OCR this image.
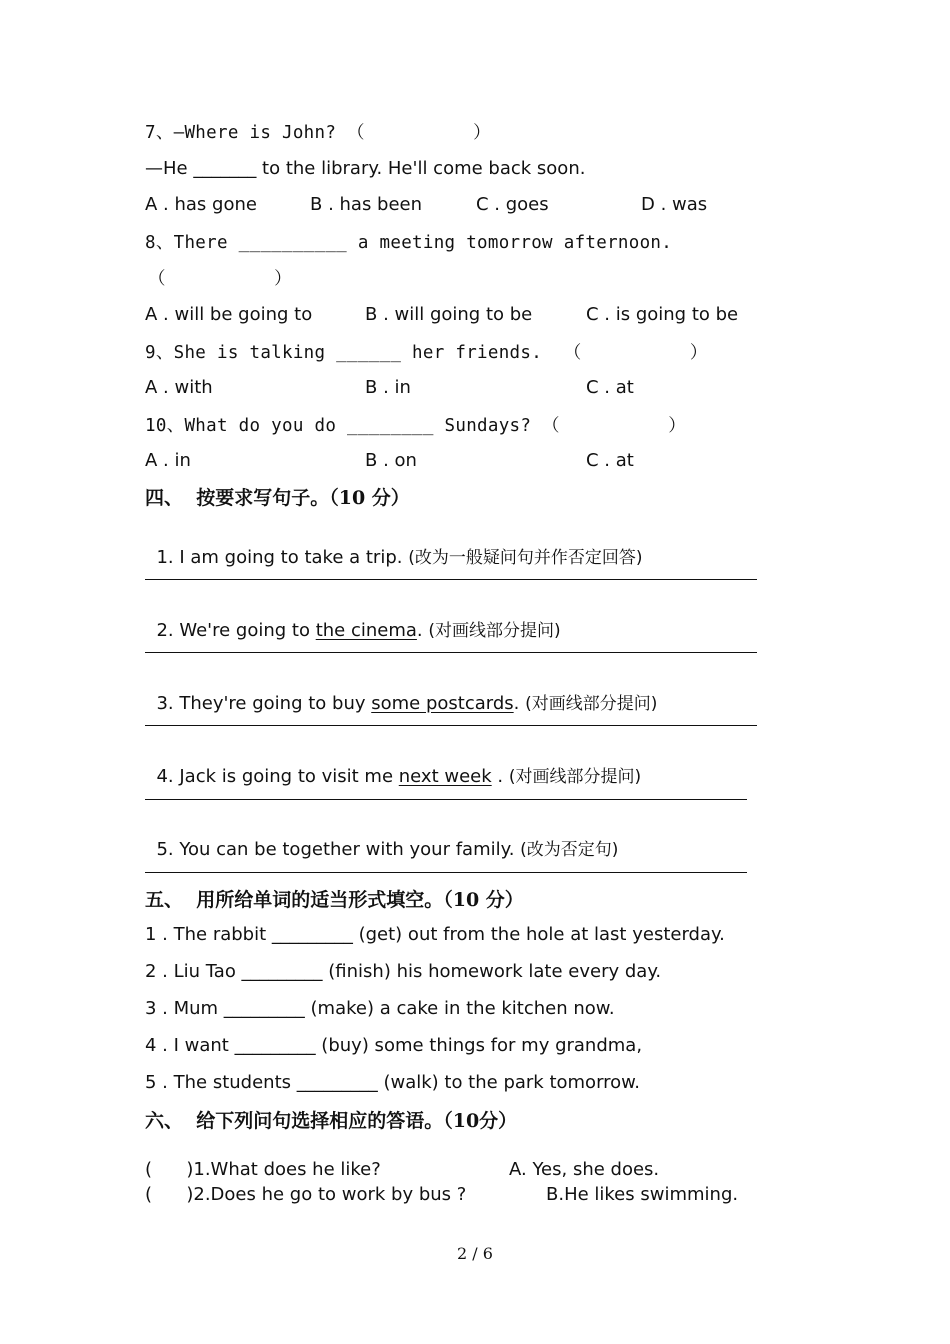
7、—Where is John? （          ）
—He _______ to the library. He'll come back soon.
A . has gone	B . has been	C . goes	D . was
8、There __________ a meeting tomorrow afternoon.
（          ）
A . will be going to	B . will going to be	C . is going to be
9、She is talking ______ her friends.  （          ）
A . with	B . in	C . at
10、What do you do ________ Sundays? （          ）
A . in	B . on	C . at
四、  按要求写句子。（10 分）

1. I am going to take a trip. (改为一般疑问句并作否定回答)

2. We're going to the cinema. (对画线部分提问)

3. They're going to buy some postcards. (对画线部分提问)

4. Jack is going to visit me next week . (对画线部分提问)

5. You can be together with your family. (改为否定句)

五、  用所给单词的适当形式填空。（10 分）
1 . The rabbit _________ (get) out from the hole at last yesterday.
2 . Liu Tao _________ (finish) his homework late every day.
3 . Mum _________ (make) a cake in the kitchen now.
4 . I want _________ (buy) some things for my grandma,
5 . The students _________ (walk) to the park tomorrow.
六、  给下列问句选择相应的答语。（10分）
(      )1.What does he like?	A. Yes, she does.
(      )2.Does he go to work by bus ?	B.He likes swimming.
2 / 6
